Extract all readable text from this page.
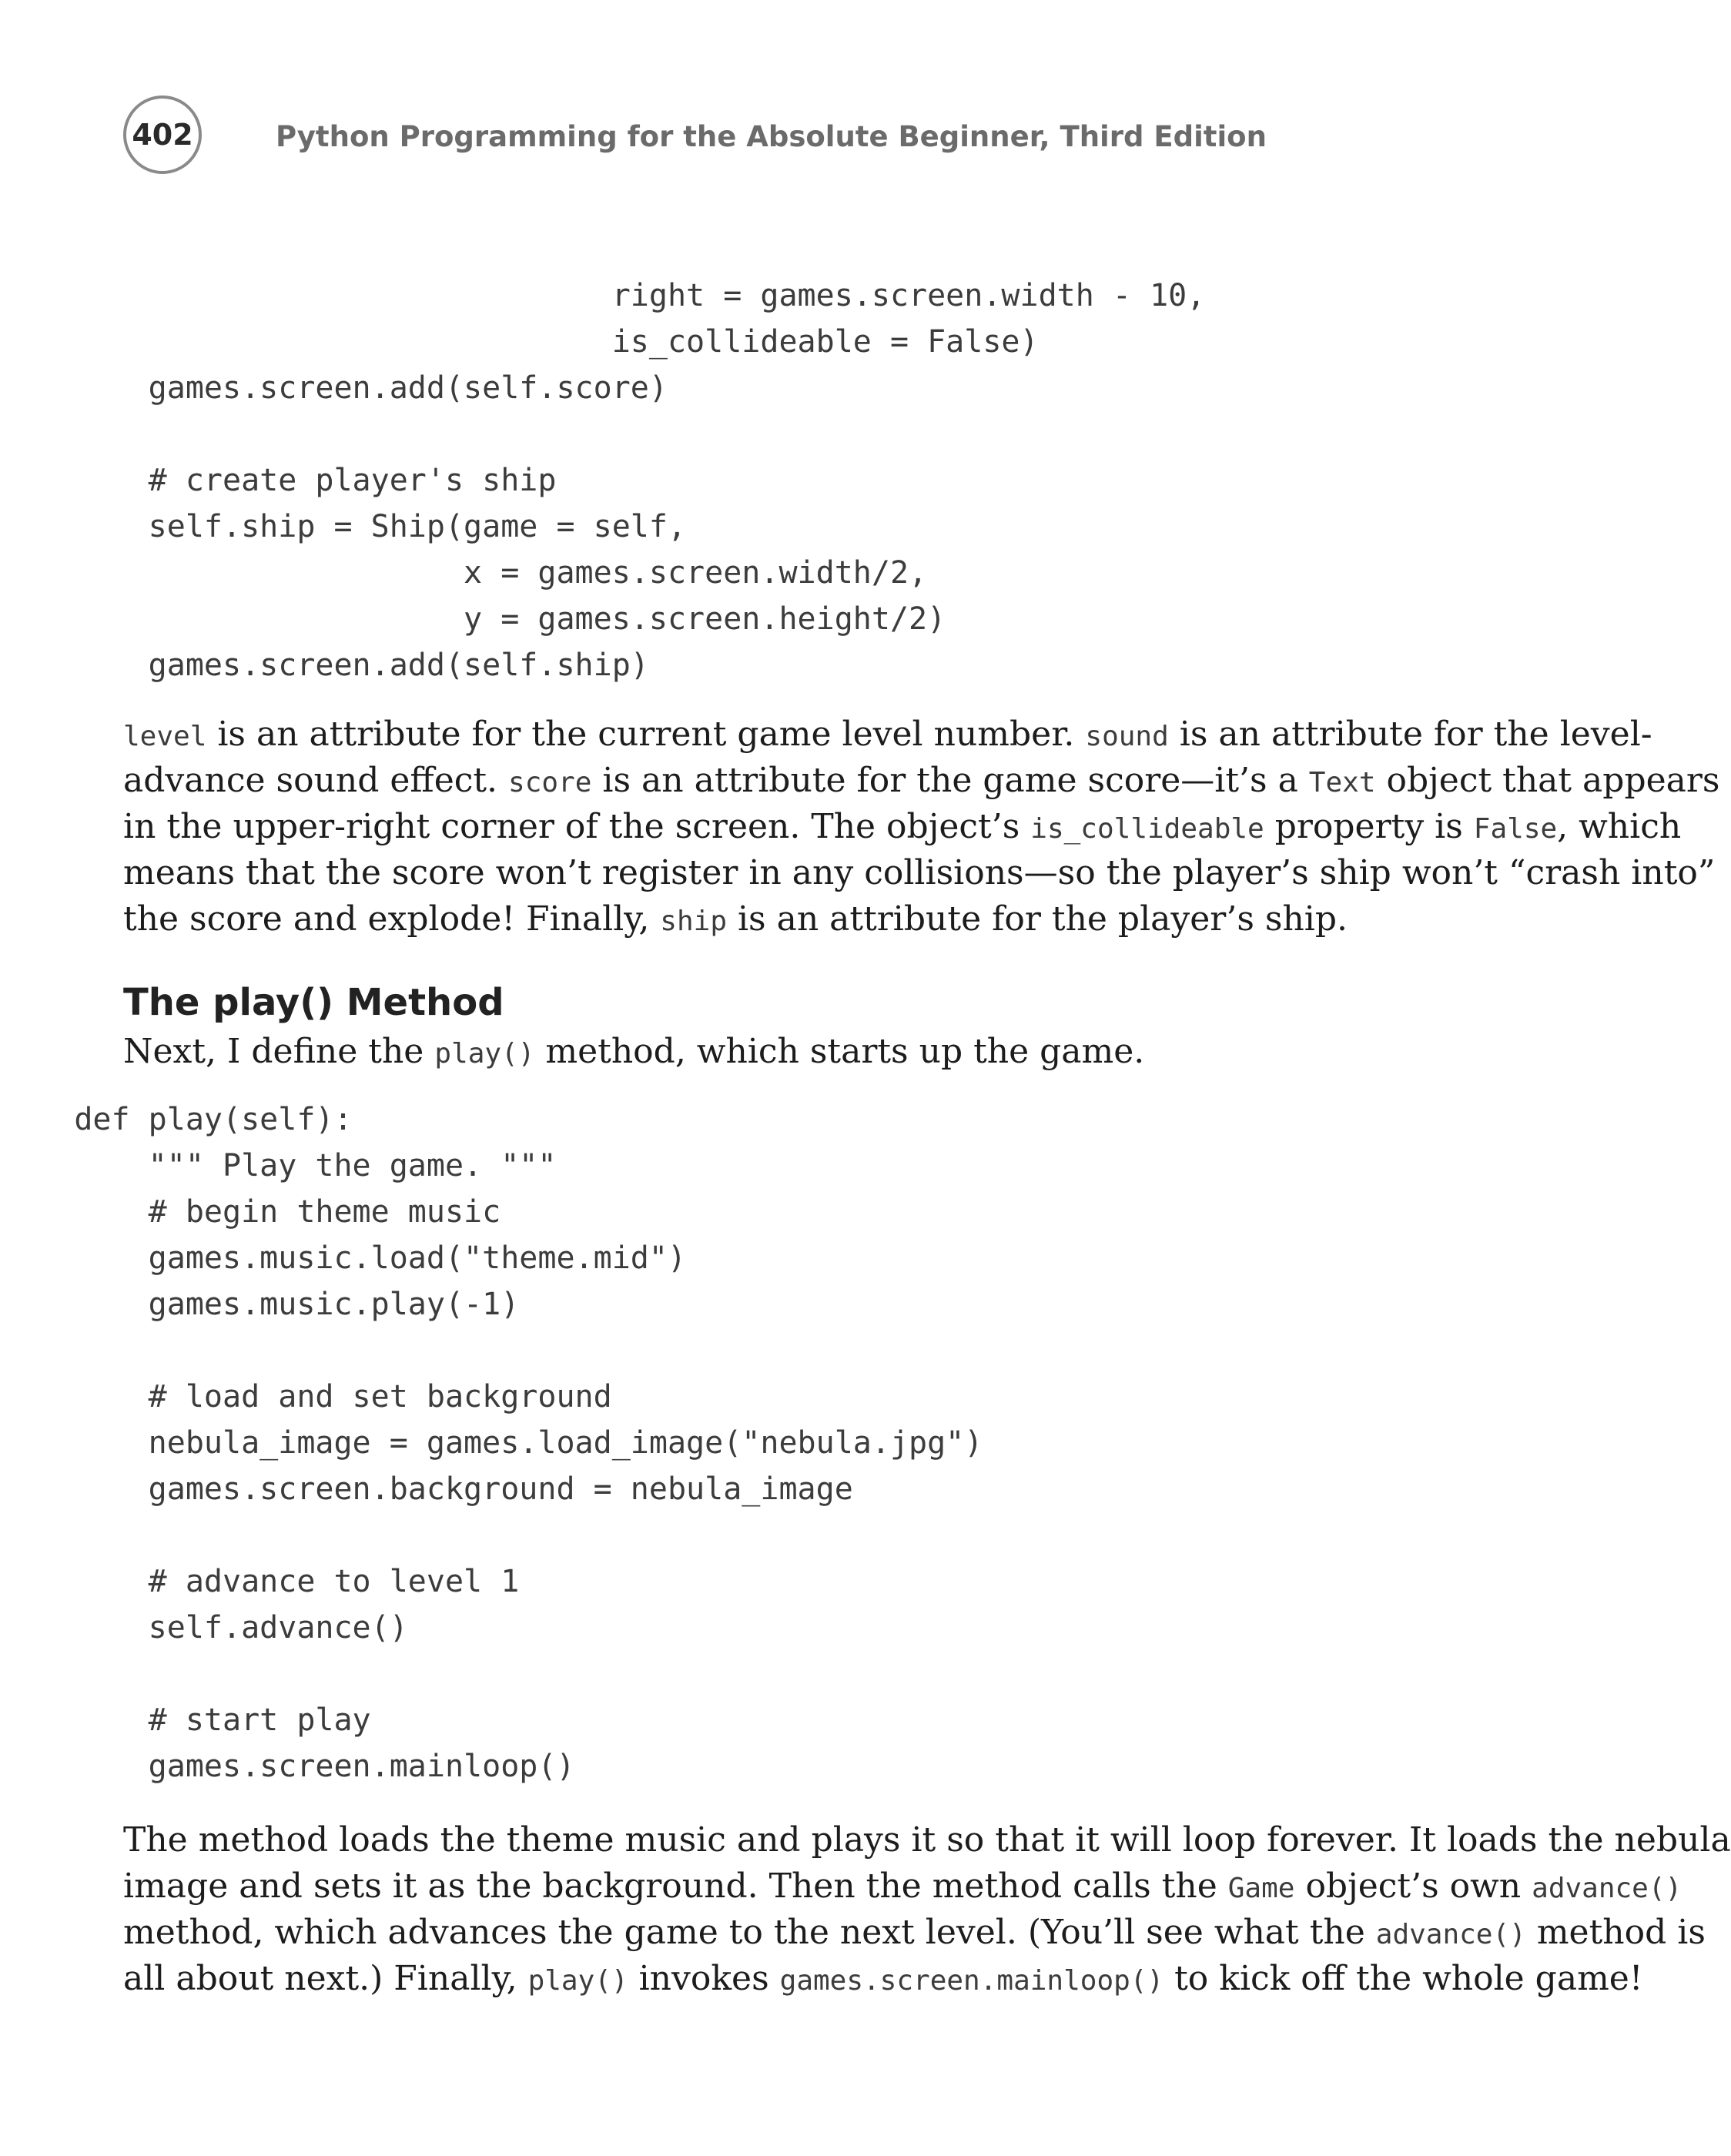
402	Python Programming for the Absolute Beginner, Third Edition
right = games.screen.width - 10,
is_collideable = False)
games.screen.add(self.score)

# create player's ship
self.ship = Ship(game = self,
x = games.screen.width/2,
y = games.screen.height/2)
games.screen.add(self.ship)
level is an attribute for the current game level number. sound is an attribute for the level-
advance sound effect. score is an attribute for the game score—it’s a Text object that appears
in the upper-right corner of the screen. The object’s is_collideable property is False, which
means that the score won’t register in any collisions—so the player’s ship won’t “crash into”
the score and explode! Finally, ship is an attribute for the player’s ship.
The play() Method
Next, I define the play() method, which starts up the game.
def play(self):
""" Play the game. """
# begin theme music
games.music.load("theme.mid")
games.music.play(-1)

# load and set background
nebula_image = games.load_image("nebula.jpg")
games.screen.background = nebula_image

# advance to level 1
self.advance()

# start play
games.screen.mainloop()
The method loads the theme music and plays it so that it will loop forever. It loads the nebula
image and sets it as the background. Then the method calls the Game object’s own advance()
method, which advances the game to the next level. (You’ll see what the advance() method is
all about next.) Finally, play() invokes games.screen.mainloop() to kick off the whole game!
